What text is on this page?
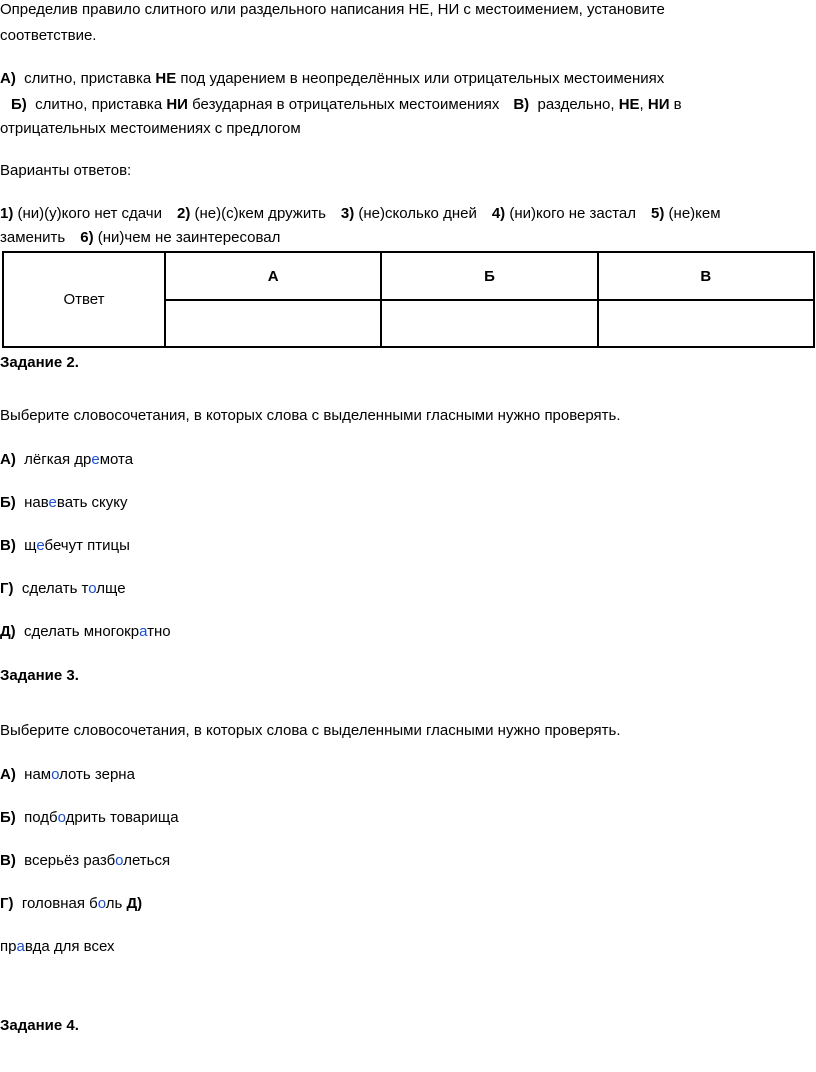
Определив правило слитного или раздельного написания НЕ, НИ с местоимением, установите
соответствие.
А)  слитно, приставка НЕ под ударением в неопределённых или отрицательных местоимениях
Б)  слитно, приставка НИ безударная в отрицательных местоимениях В)  раздельно, НЕ, НИ в
отрицательных местоимениях с предлогом
Варианты ответов:
1) (ни)(у)кого нет сдачи 2) (не)(с)кем дружить 3) (не)сколько дней 4) (ни)кого не застал 5) (не)кем
заменить 6) (ни)чем не заинтересовал
Ответ	А	Б	В

Задание 2.
Выберите словосочетания, в которых слова с выделенными гласными нужно проверять.
А)  лёгкая дремота
Б)  навевать скуку
В)  щебечут птицы
Г)  сделать толще
Д)  сделать многократно
Задание 3.
Выберите словосочетания, в которых слова с выделенными гласными нужно проверять.
А)  намолоть зерна
Б)  подбодрить товарища
В)  всерьёз разболеться
Г)  головная боль Д)
правда для всех
Задание 4.
